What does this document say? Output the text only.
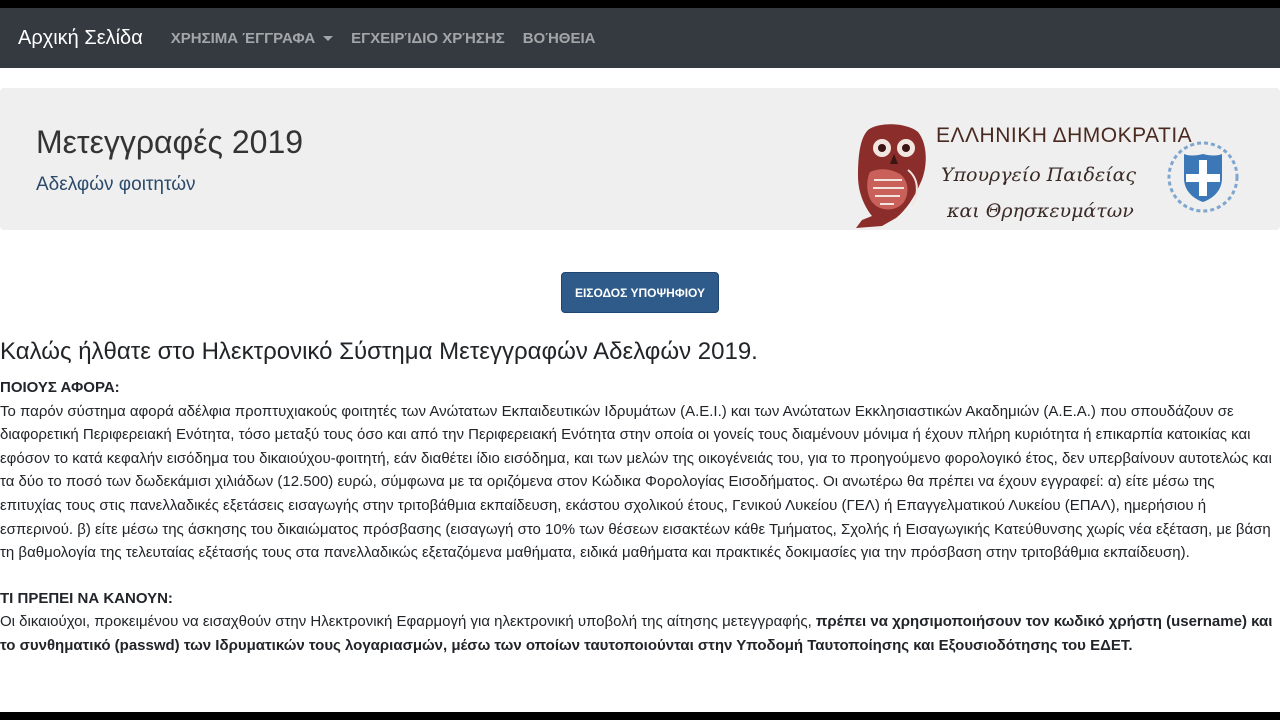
Αρχική Σελίδα ΧΡΗΣΙΜΑ ΈΓΓΡΑΦΑ ΕΓΧΕΙΡΊΔΙΟ ΧΡΉΣΗΣ ΒΟΉΘΕΙΑ
Μετεγγραφές 2019
Αδελφών φοιτητών
ΕΛΛΗΝΙΚΗ ΔΗΜΟΚΡΑΤΙΑ
Υπουργείο Παιδείας
και Θρησκευμάτων
ΕΙΣΟΔΟΣ ΥΠΟΨΗΦΙΟΥ
Καλώς ήλθατε στο Ηλεκτρονικό Σύστημα Μετεγγραφών Αδελφών 2019.
ΠΟΙΟΥΣ ΑΦΟΡΑ:

Το παρόν σύστημα αφορά αδέλφια προπτυχιακούς φοιτητές των Ανώτατων Εκπαιδευτικών Ιδρυμάτων (Α.Ε.Ι.) και των Ανώτατων Εκκλησιαστικών Ακαδημιών (Α.Ε.Α.) που σπουδάζουν σε διαφορετική Περιφερειακή Ενότητα, τόσο μεταξύ τους όσο και από την Περιφερειακή Ενότητα στην οποία οι γονείς τους διαμένουν μόνιμα ή έχουν πλήρη κυριότητα ή επικαρπία κατοικίας και εφόσον το κατά κεφαλήν εισόδημα του δικαιούχου-φοιτητή, εάν διαθέτει ίδιο εισόδημα, και των μελών της οικογένειάς του, για το προηγούμενο φορολογικό έτος, δεν υπερβαίνουν αυτοτελώς και τα δύο το ποσό των δωδεκάμισι χιλιάδων (12.500) ευρώ, σύμφωνα με τα οριζόμενα στον Κώδικα Φορολογίας Εισοδήματος. Οι ανωτέρω θα πρέπει να έχουν εγγραφεί: α) είτε μέσω της επιτυχίας τους στις πανελλαδικές εξετάσεις εισαγωγής στην τριτοβάθμια εκπαίδευση, εκάστου σχολικού έτους, Γενικού Λυκείου (ΓΕΛ) ή Επαγγελματικού Λυκείου (ΕΠΑΛ), ημερήσιου ή εσπερινού. β) είτε μέσω της άσκησης του δικαιώματος πρόσβασης (εισαγωγή στο 10% των θέσεων εισακτέων κάθε Τμήματος, Σχολής ή Εισαγωγικής Κατεύθυνσης χωρίς νέα εξέταση, με βάση τη βαθμολογία της τελευταίας εξέτασής τους στα πανελλαδικώς εξεταζόμενα μαθήματα, ειδικά μαθήματα και πρακτικές δοκιμασίες για την πρόσβαση στην τριτοβάθμια εκπαίδευση).

ΤΙ ΠΡΕΠΕΙ ΝΑ ΚΑΝΟΥΝ:

Οι δικαιούχοι, προκειμένου να εισαχθούν στην Ηλεκτρονική Εφαρμογή για ηλεκτρονική υποβολή της αίτησης μετεγγραφής, πρέπει να χρησιμοποιήσουν τον κωδικό χρήστη (username) και το συνθηματικό (passwd) των Ιδρυματικών τους λογαριασμών, μέσω των οποίων ταυτοποιούνται στην Υποδομή Ταυτοποίησης και Εξουσιοδότησης του ΕΔΕΤ.
